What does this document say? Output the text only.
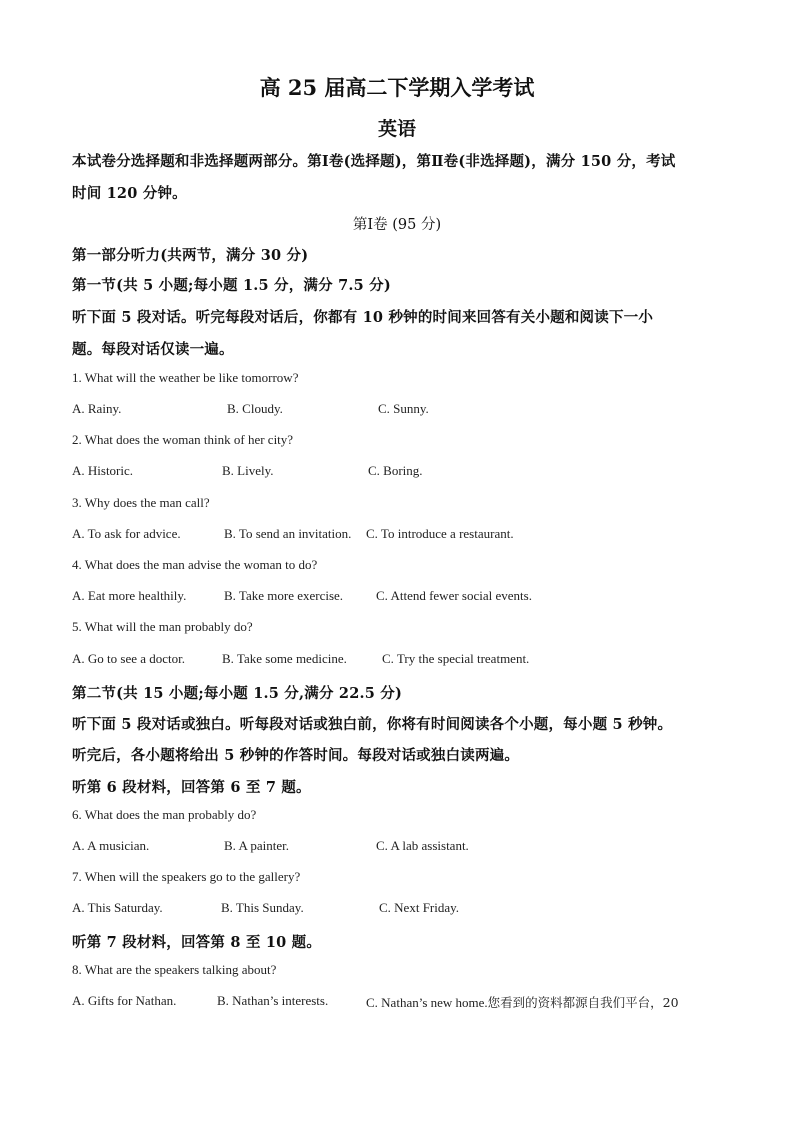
高 25 届高二下学期入学考试
英语
本试卷分选择题和非选择题两部分。第Ⅰ卷(选择题)，第Ⅱ卷(非选择题)，满分 150 分，考试
时间 120 分钟。
第Ⅰ卷 (95 分)
第一部分听力(共两节，满分 30 分)
第一节(共 5 小题;每小题 1.5 分，满分 7.5 分)
听下面 5 段对话。听完每段对话后，你都有 10 秒钟的时间来回答有关小题和阅读下一小
题。每段对话仅读一遍。
1. What will the weather be like tomorrow?
A. Rainy.	B. Cloudy.	C. Sunny.
2. What does the woman think of her city?
A. Historic.	B. Lively.	C. Boring.
3. Why does the man call?
A. To ask for advice.	B. To send an invitation. C. To introduce a restaurant.
4. What does the man advise the woman to do?
A. Eat more healthily.	B. Take more exercise.	C. Attend fewer social events.
5. What will the man probably do?
A. Go to see a doctor.	B. Take some medicine.	C. Try the special treatment.
第二节(共 15 小题;每小题 1.5 分,满分 22.5 分)
听下面 5 段对话或独白。听每段对话或独白前，你将有时间阅读各个小题，每小题 5 秒钟。
听完后，各小题将给出 5 秒钟的作答时间。每段对话或独白读两遍。
听第 6 段材料，回答第 6 至 7 题。
6. What does the man probably do?
A. A musician.	B. A painter.	C. A lab assistant.
7. When will the speakers go to the gallery?
A. This Saturday.	B. This Sunday.	C. Next Friday.
听第 7 段材料，回答第 8 至 10 题。
8. What are the speakers talking about?
A. Gifts for Nathan.	B. Nathan’s interests.	C. Nathan’s new home.您看到的资料都源自我们平台，20
